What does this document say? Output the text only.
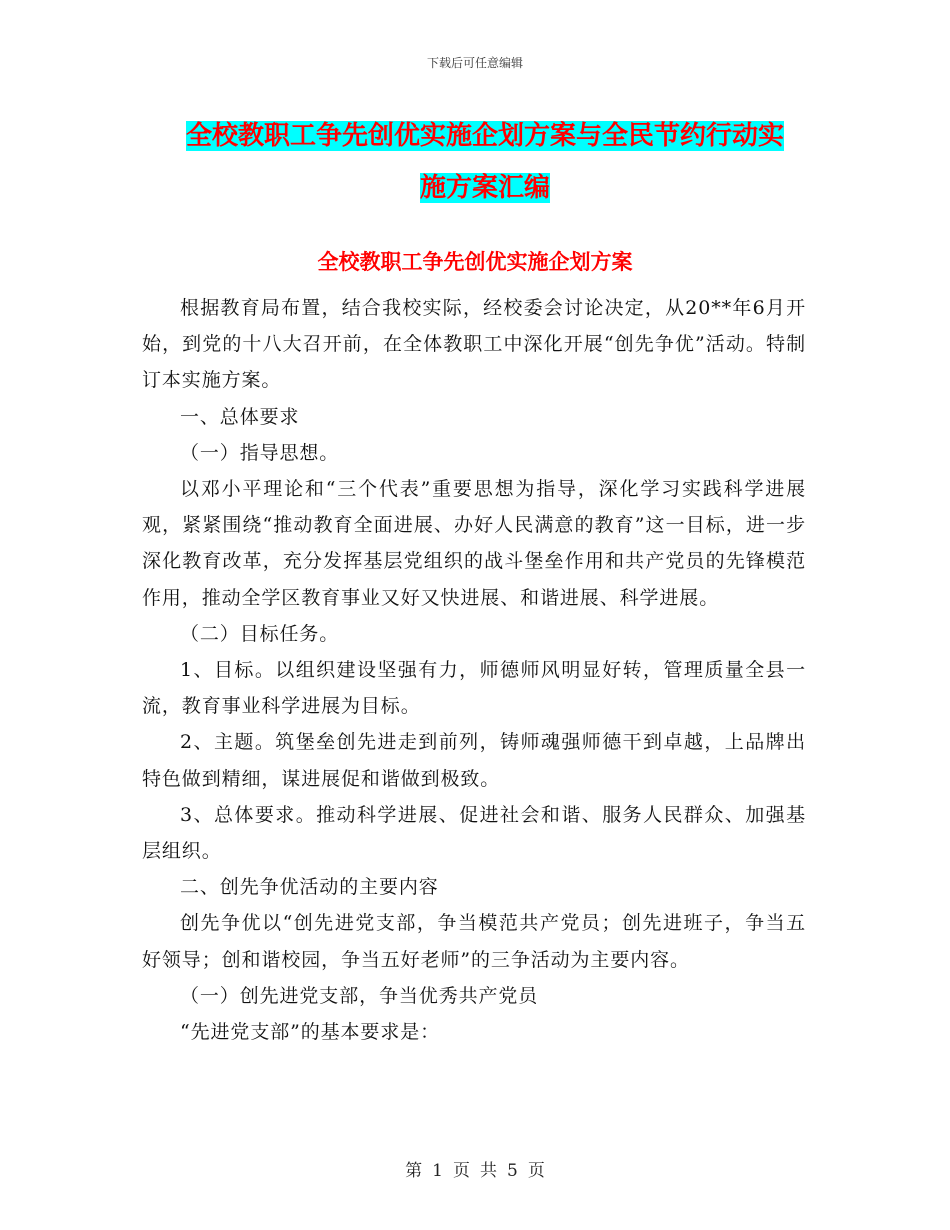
下载后可任意编辑
全校教职工争先创优实施企划方案与全民节约行动实
施方案汇编
全校教职工争先创优实施企划方案

根据教育局布置，结合我校实际，经校委会讨论决定，从20**年6月开始，到党的十八大召开前，在全体教职工中深化开展“创先争优”活动。特制订本实施方案。

一、总体要求

（一）指导思想。

以邓小平理论和“三个代表”重要思想为指导，深化学习实践科学进展观，紧紧围绕“推动教育全面进展、办好人民满意的教育”这一目标，进一步深化教育改革，充分发挥基层党组织的战斗堡垒作用和共产党员的先锋模范作用，推动全学区教育事业又好又快进展、和谐进展、科学进展。

（二）目标任务。

1、目标。以组织建设坚强有力，师德师风明显好转，管理质量全县一流，教育事业科学进展为目标。

2、主题。筑堡垒创先进走到前列，铸师魂强师德干到卓越，上品牌出特色做到精细，谋进展促和谐做到极致。

3、总体要求。推动科学进展、促进社会和谐、服务人民群众、加强基层组织。

二、创先争优活动的主要内容

创先争优以“创先进党支部，争当模范共产党员；创先进班子，争当五好领导；创和谐校园，争当五好老师”的三争活动为主要内容。

（一）创先进党支部，争当优秀共产党员

“先进党支部”的基本要求是：

第 1 页 共 5 页
